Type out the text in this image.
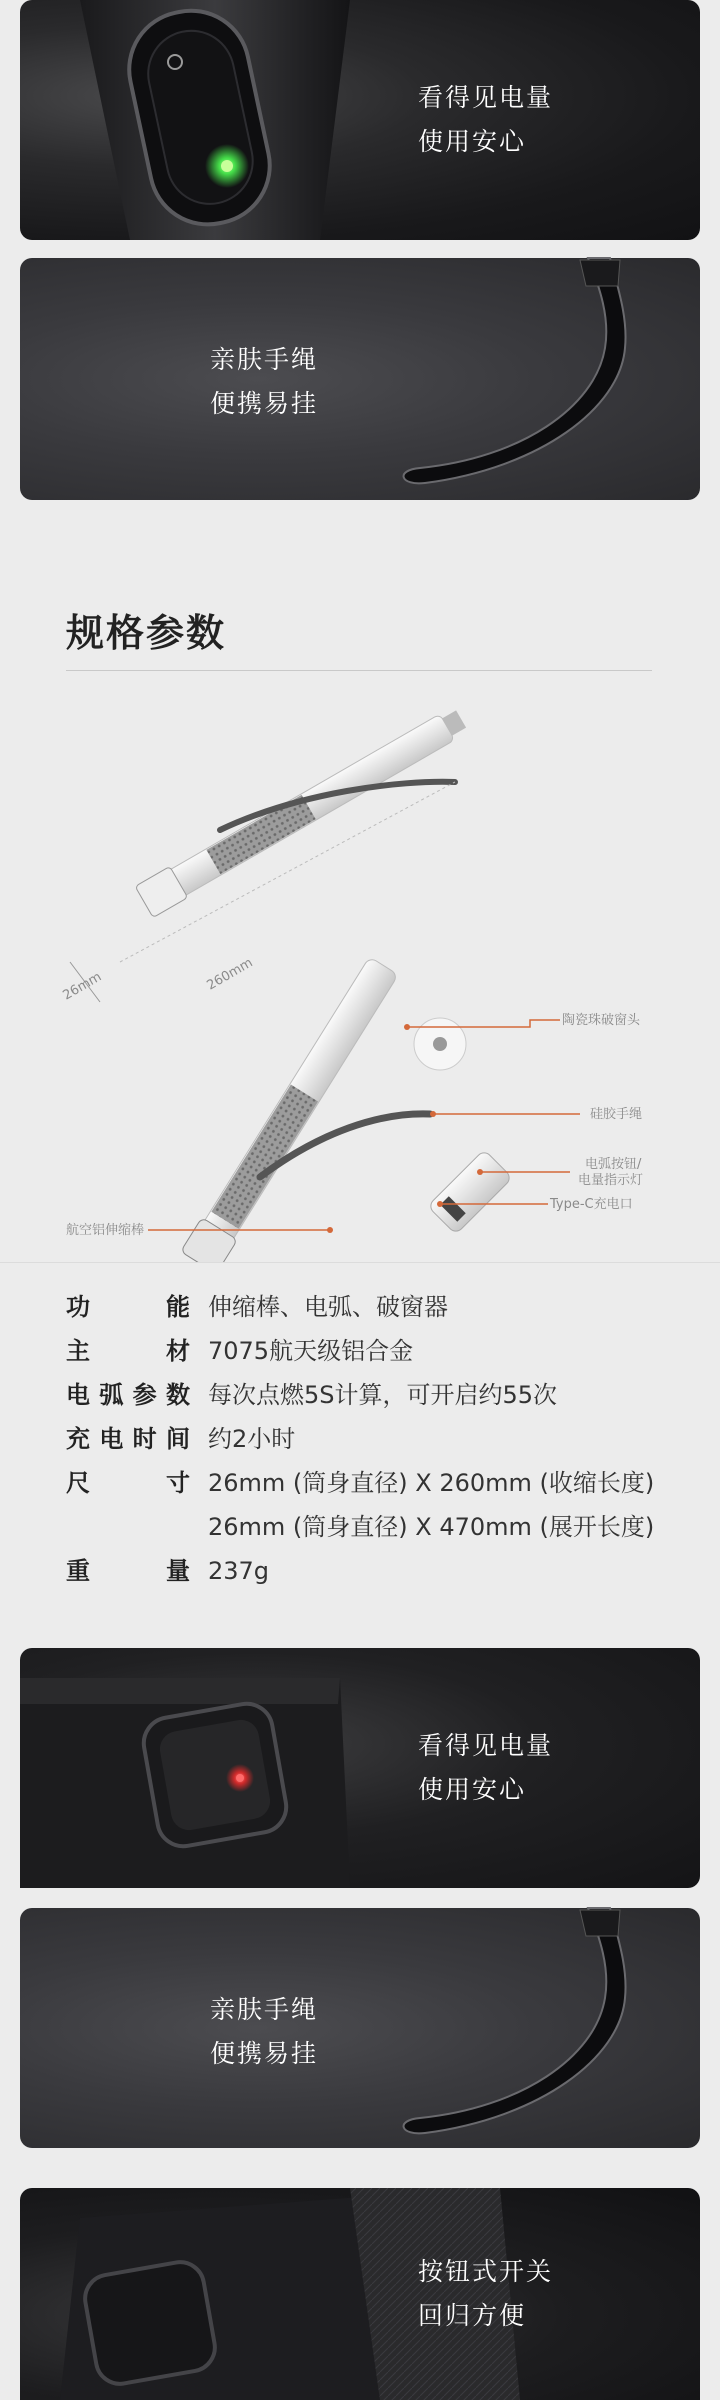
看得见电量
使用安心
亲肤手绳
便携易挂
规格参数
26mm	260mm
陶瓷珠破窗头
航空铝伸缩棒
硅胶手绳
电弧按钮/
电量指示灯
Type-C充电口
功能 伸缩棒、电弧、破窗器
主材 7075航天级铝合金
电弧参数 每次点燃5S计算，可开启约55次
充电时间 约2小时
尺寸 26mm (筒身直径) X 260mm (收缩长度)
26mm (筒身直径) X 470mm (展开长度)
重量 237g
看得见电量
使用安心
亲肤手绳
便携易挂
按钮式开关
回归方便
